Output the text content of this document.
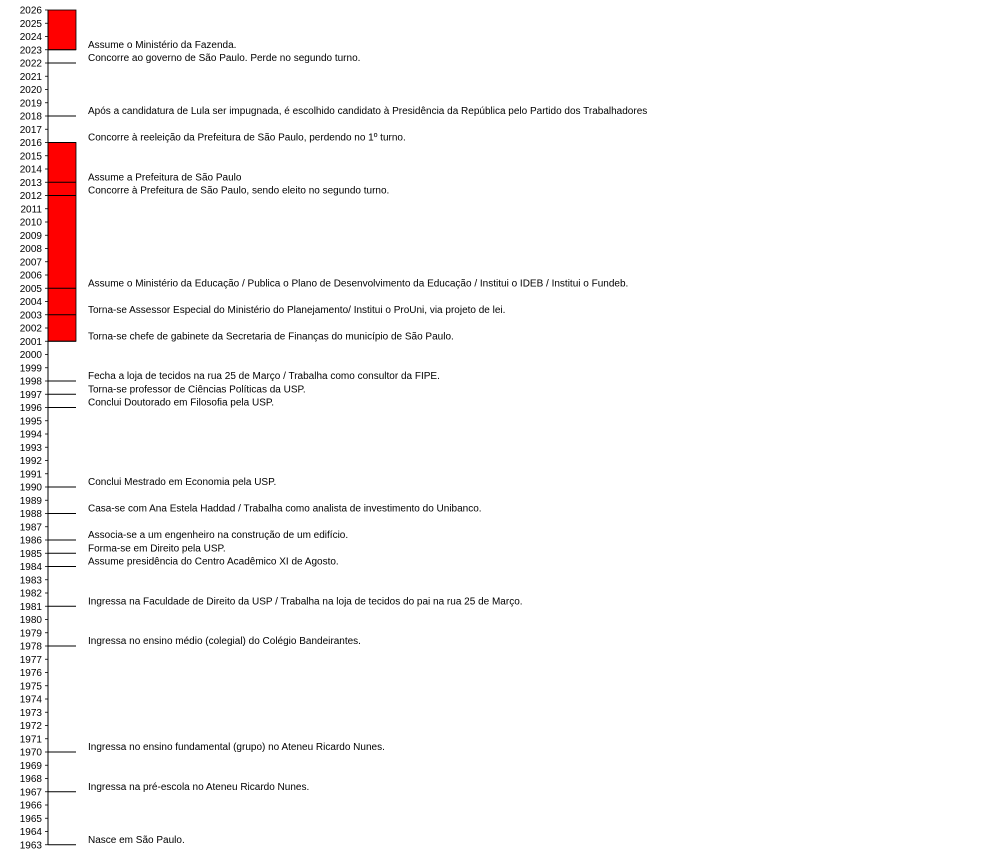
1963
1964
1965
1966
1967
1968
1969
1970
1971
1972
1973
1974
1975
1976
1977
1978
1979
1980
1981
1982
1983
1984
1985
1986
1987
1988
1989
1990
1991
1992
1993
1994
1995
1996
1997
1998
1999
2000
2001
2002
2003
2004
2005
2006
2007
2008
2009
2010
2011
2012
2013
2014
2015
2016
2017
2018
2019
2020
2021
2022
2023
2024
2025
2026
Assume o Ministério da Fazenda.
Concorre ao governo de São Paulo. Perde no segundo turno.
Após a candidatura de Lula ser impugnada, é escolhido candidato à Presidência da República pelo Partido dos Trabalhadores
Concorre à reeleição da Prefeitura de São Paulo, perdendo no 1º turno.
Assume a Prefeitura de São Paulo
Concorre à Prefeitura de São Paulo, sendo eleito no segundo turno.
Assume o Ministério da Educação / Publica o Plano de Desenvolvimento da Educação / Institui o IDEB / Institui o Fundeb.
Torna-se Assessor Especial do Ministério do Planejamento/ Institui o ProUni, via projeto de lei.
Torna-se chefe de gabinete da Secretaria de Finanças do município de São Paulo.
Fecha a loja de tecidos na rua 25 de Março / Trabalha como consultor da FIPE.
Torna-se professor de Ciências Políticas da USP.
Conclui Doutorado em Filosofia pela USP.
Conclui Mestrado em Economia pela USP.
Casa-se com Ana Estela Haddad / Trabalha como analista de investimento do Unibanco.
Associa-se a um engenheiro na construção de um edifício.
Forma-se em Direito pela USP.
Assume presidência do Centro Acadêmico XI de Agosto.
Ingressa na Faculdade de Direito da USP / Trabalha na loja de tecidos do pai na rua 25 de Março.
Ingressa no ensino médio (colegial) do Colégio Bandeirantes.
Ingressa no ensino fundamental (grupo) no Ateneu Ricardo Nunes.
Ingressa na pré-escola no Ateneu Ricardo Nunes.
Nasce em São Paulo.
